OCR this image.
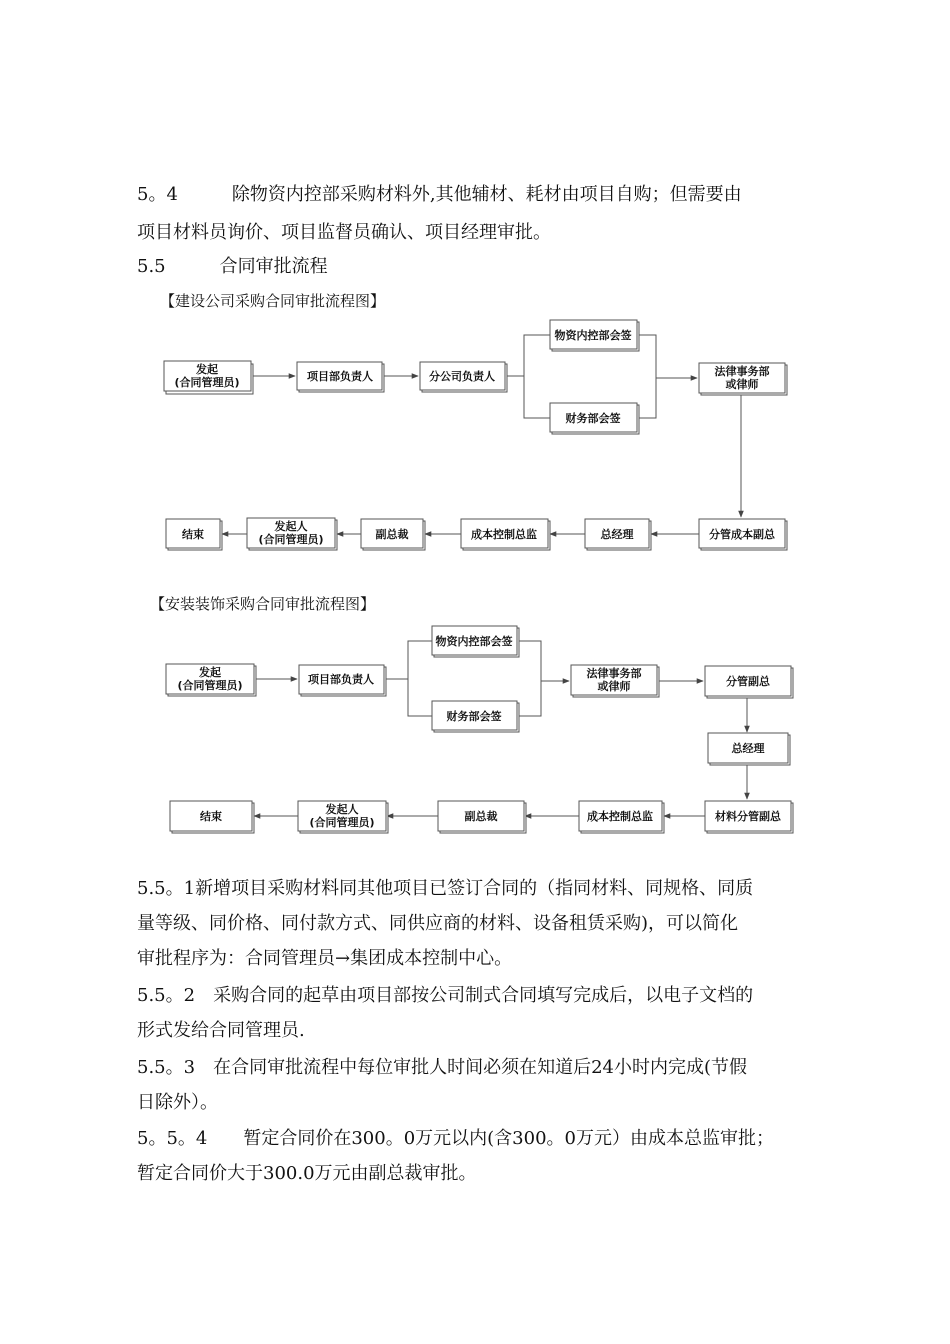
5。4　　　除物资内控部采购材料外,其他辅材、耗材由项目自购；但需要由
项目材料员询价、项目监督员确认、项目经理审批。
5.5　　　合同审批流程
【建设公司采购合同审批流程图】
【安装装饰采购合同审批流程图】
发起
(合同管理员)	项目部负责人	分公司负责人
物资内控部会签
财务部会签
法律事务部
或律师
分管成本副总
总经理
成本控制总监
副总裁
发起人
(合同管理员)
结束
发起
(合同管理员)	项目部负责人
物资内控部会签
财务部会签
法律事务部
或律师	分管副总
总经理
材料分管副总
成本控制总监
副总裁
发起人
(合同管理员)
结束
5.5。1新增项目采购材料同其他项目已签订合同的（指同材料、同规格、同质
量等级、同价格、同付款方式、同供应商的材料、设备租赁采购)，可以简化
审批程序为：合同管理员→集团成本控制中心。
5.5。2　采购合同的起草由项目部按公司制式合同填写完成后，以电子文档的
形式发给合同管理员.
5.5。3　在合同审批流程中每位审批人时间必须在知道后24小时内完成(节假
日除外）。
5。5。4　　暂定合同价在300。0万元以内(含300。0万元）由成本总监审批；
暂定合同价大于300.0万元由副总裁审批。
